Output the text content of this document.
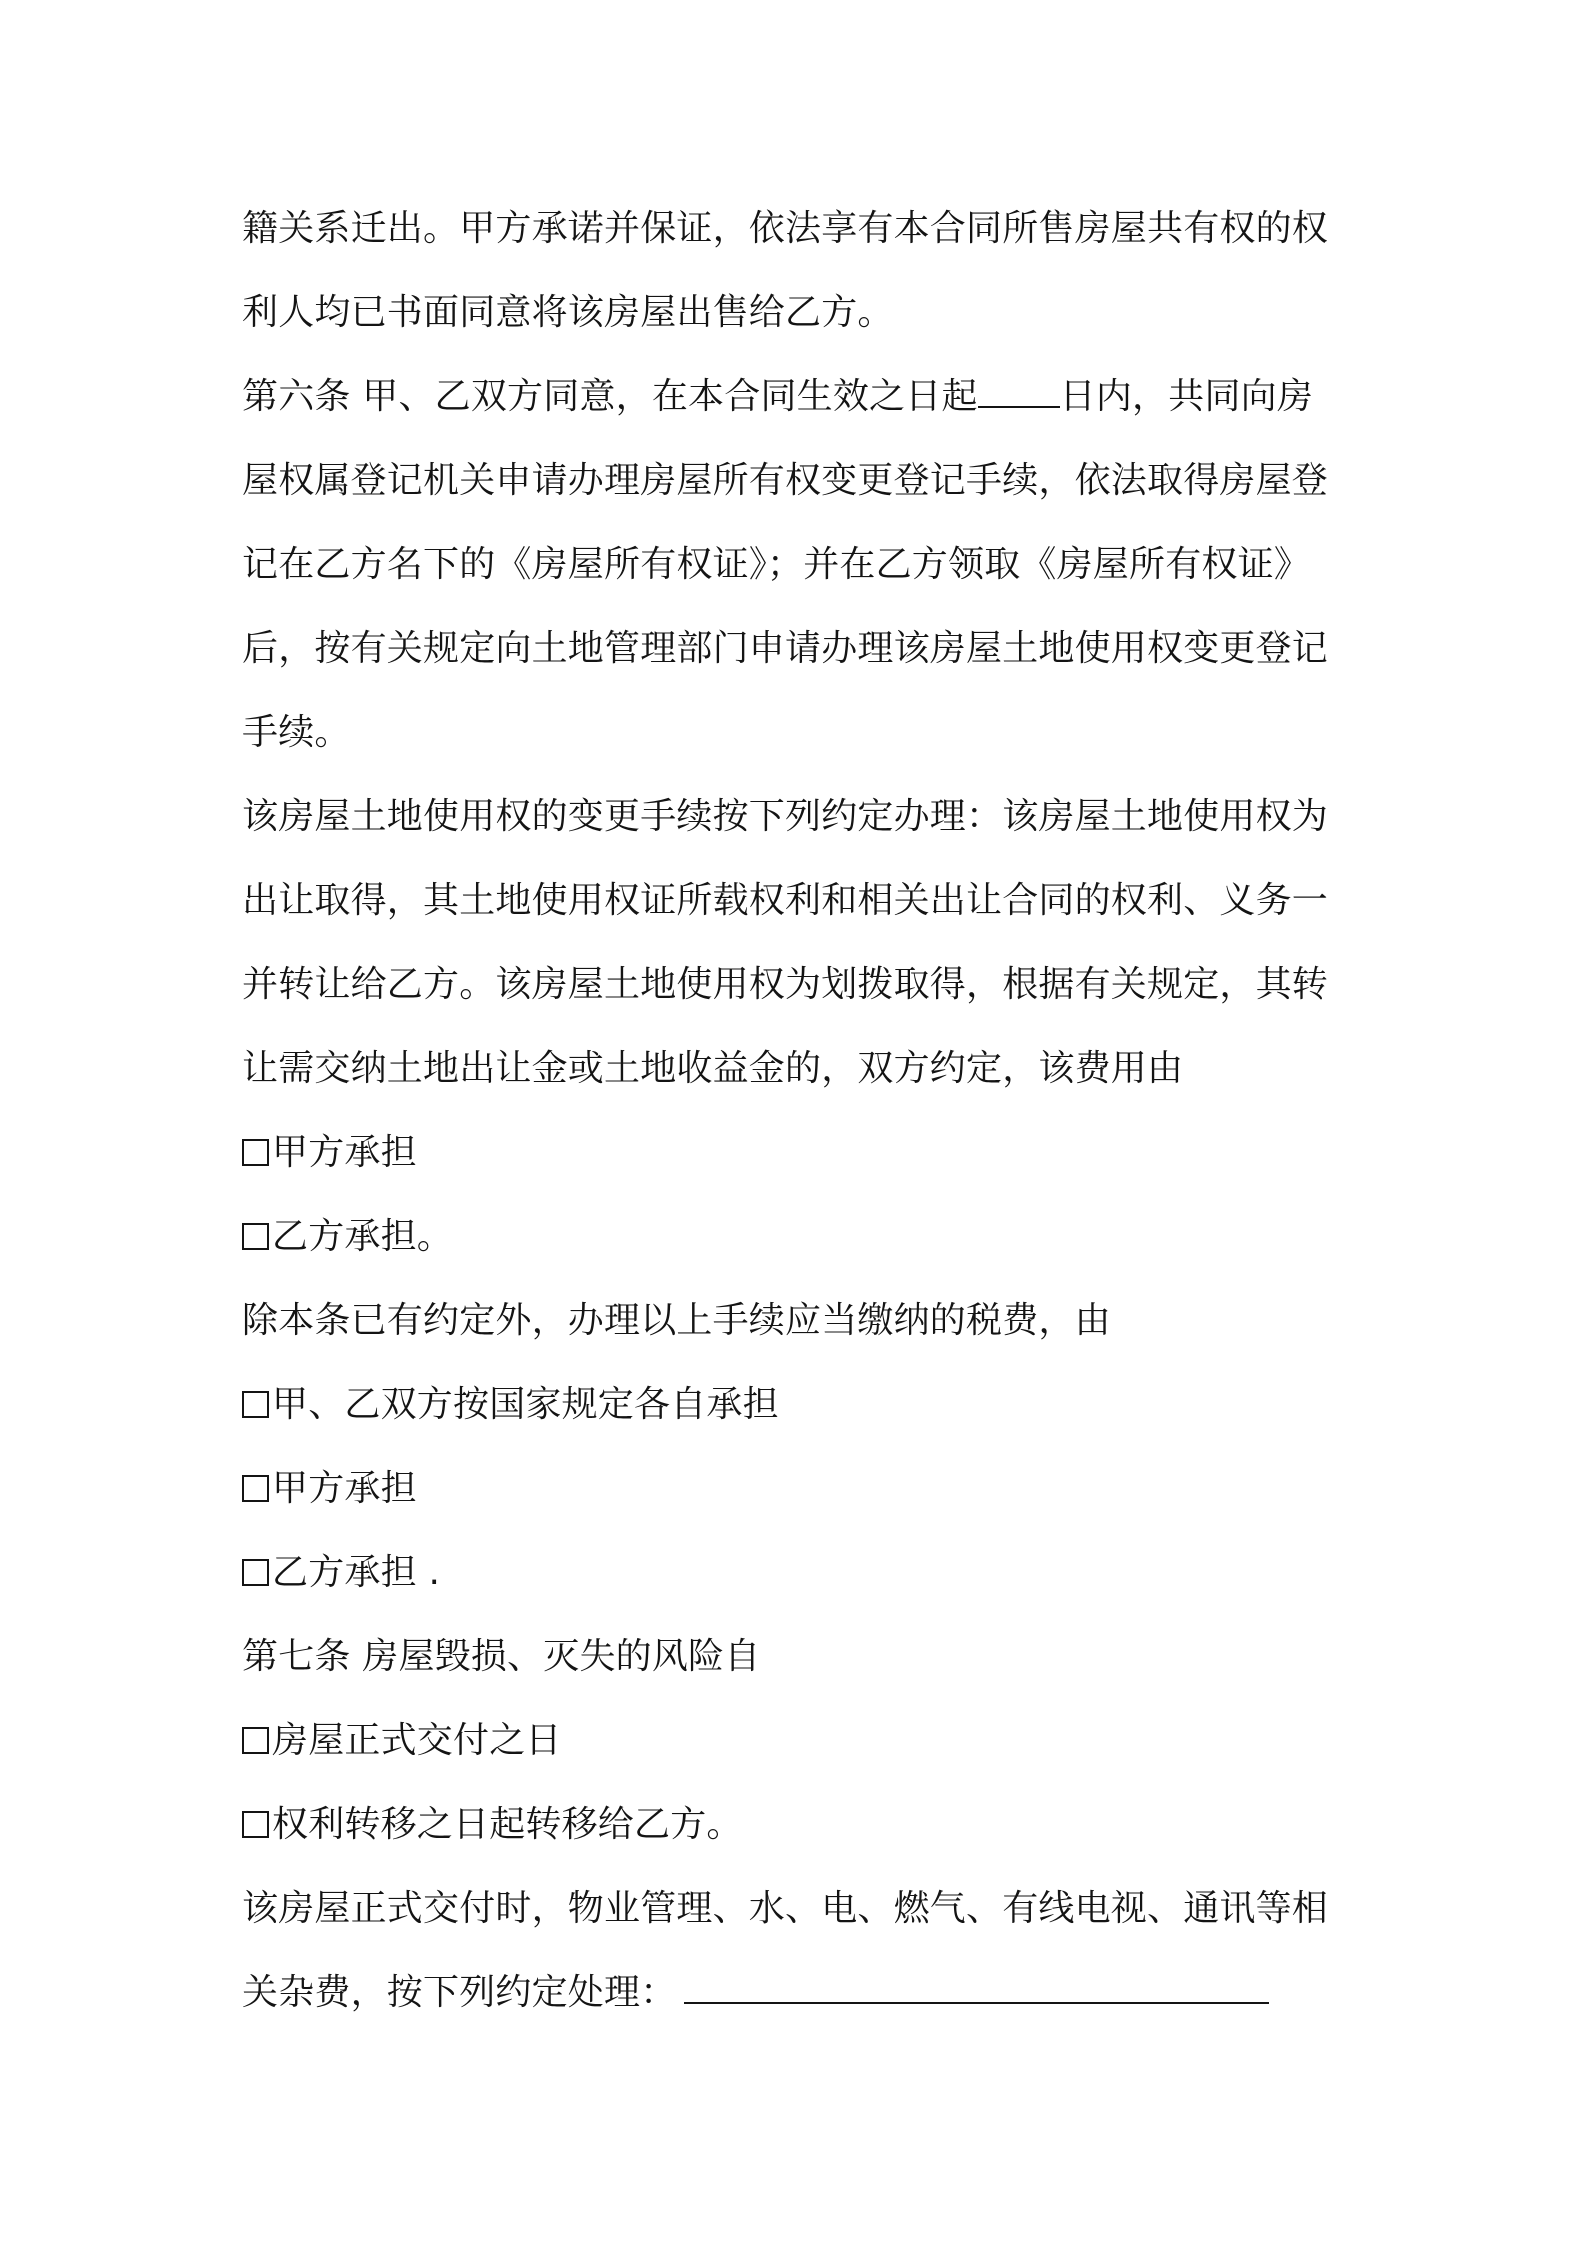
籍关系迁出。甲方承诺并保证，依法享有本合同所售房屋共有权的权

利人均已书面同意将该房屋出售给乙方。

第六条 甲、乙双方同意，在本合同生效之日起 日内，共同向房

屋权属登记机关申请办理房屋所有权变更登记手续，依法取得房屋登

记在乙方名下的《房屋所有权证》；并在乙方领取《房屋所有权证》

后，按有关规定向土地管理部门申请办理该房屋土地使用权变更登记

手续。

该房屋土地使用权的变更手续按下列约定办理：该房屋土地使用权为

出让取得，其土地使用权证所载权利和相关出让合同的权利、义务一

并转让给乙方。该房屋土地使用权为划拨取得，根据有关规定，其转

让需交纳土地出让金或土地收益金的，双方约定，该费用由

甲方承担

乙方承担。

除本条已有约定外，办理以上手续应当缴纳的税费，由

甲、乙双方按国家规定各自承担

甲方承担

乙方承担 .

第七条 房屋毁损、灭失的风险自

房屋正式交付之日

权利转移之日起转移给乙方。

该房屋正式交付时，物业管理、水、电、燃气、有线电视、通讯等相

关杂费，按下列约定处理：
